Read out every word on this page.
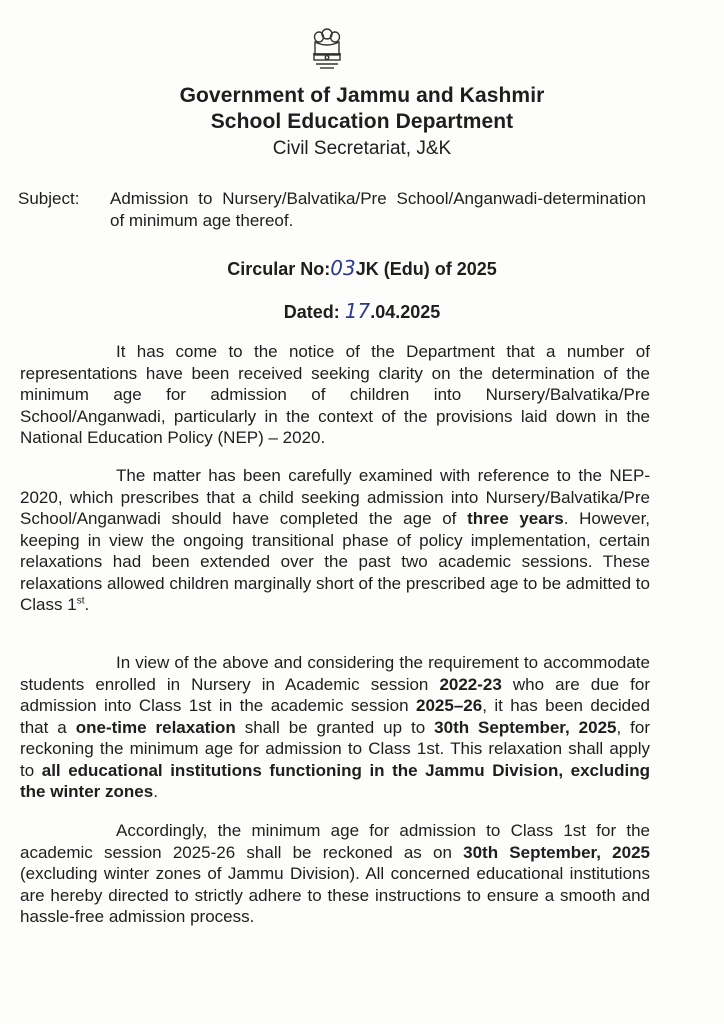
Government of Jammu and Kashmir
School Education Department
Civil Secretariat, J&K
Subject: Admission to Nursery/Balvatika/Pre School/Anganwadi-determination of minimum age thereof.
Circular No:03JK (Edu) of 2025
Dated: 17.04.2025
It has come to the notice of the Department that a number of representations have been received seeking clarity on the determination of the minimum age for admission of children into Nursery/Balvatika/Pre School/Anganwadi, particularly in the context of the provisions laid down in the National Education Policy (NEP) – 2020.
The matter has been carefully examined with reference to the NEP-2020, which prescribes that a child seeking admission into Nursery/Balvatika/Pre School/Anganwadi should have completed the age of three years. However, keeping in view the ongoing transitional phase of policy implementation, certain relaxations had been extended over the past two academic sessions. These relaxations allowed children marginally short of the prescribed age to be admitted to Class 1st.
In view of the above and considering the requirement to accommodate students enrolled in Nursery in Academic session 2022-23 who are due for admission into Class 1st in the academic session 2025–26, it has been decided that a one-time relaxation shall be granted up to 30th September, 2025, for reckoning the minimum age for admission to Class 1st. This relaxation shall apply to all educational institutions functioning in the Jammu Division, excluding the winter zones.
Accordingly, the minimum age for admission to Class 1st for the academic session 2025-26 shall be reckoned as on 30th September, 2025 (excluding winter zones of Jammu Division). All concerned educational institutions are hereby directed to strictly adhere to these instructions to ensure a smooth and hassle-free admission process.
